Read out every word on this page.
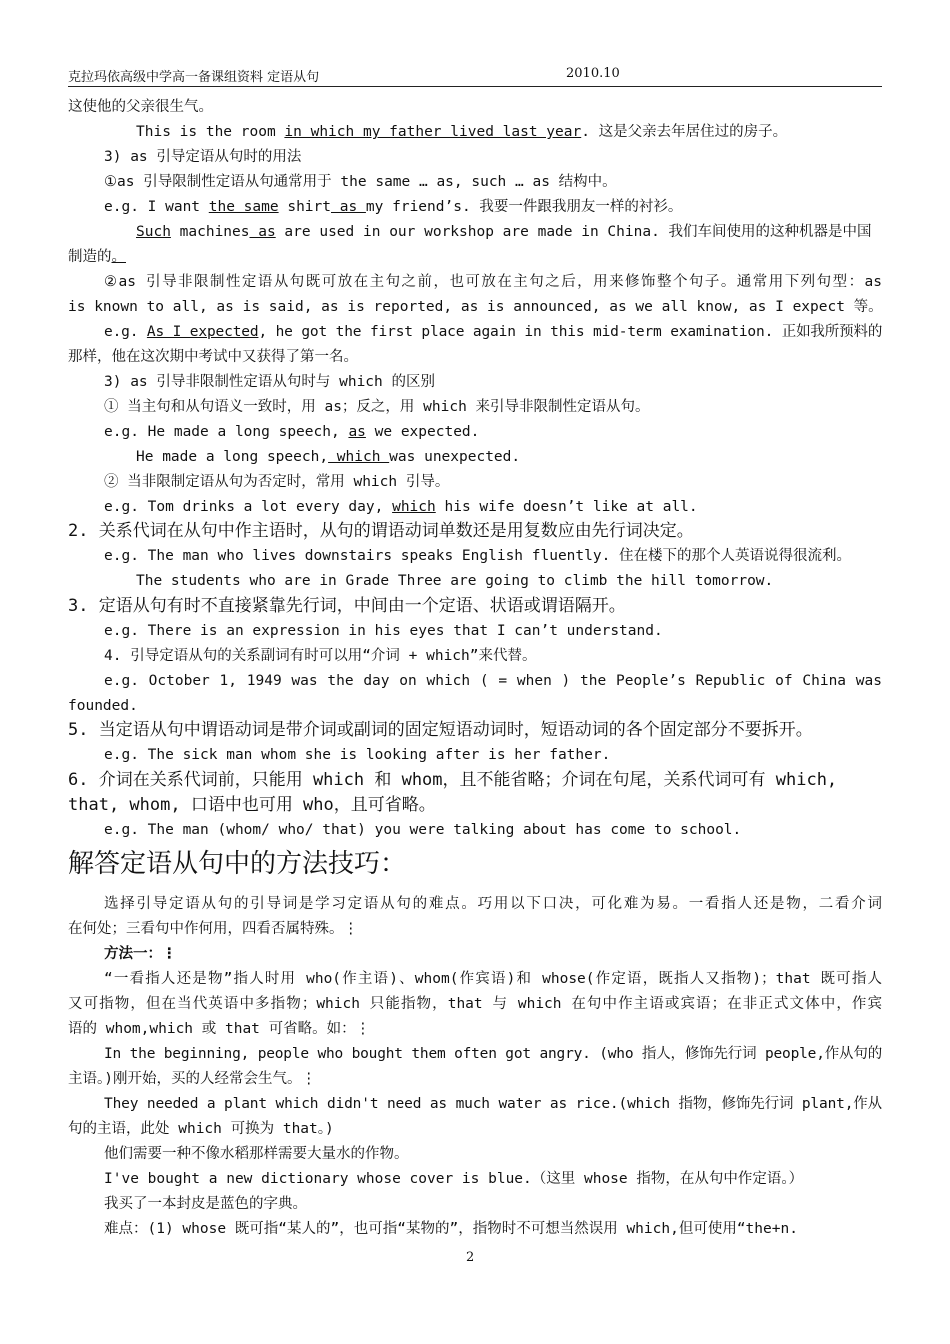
克拉玛依高级中学高一备课组资料 定语从句	2010.10
这使他的父亲很生气。
This is the room in which my father lived last year. 这是父亲去年居住过的房子。
3) as 引导定语从句时的用法
①as 引导限制性定语从句通常用于 the same … as, such … as 结构中。
e.g. I want the same shirt as my friend’s. 我要一件跟我朋友一样的衬衫。
Such machines as are used in our workshop are made in China. 我们车间使用的这种机器是中国
制造的。
②as 引导非限制性定语从句既可放在主句之前，也可放在主句之后，用来修饰整个句子。通常用下列句型：as
is known to all, as is said, as is reported, as is announced, as we all know, as I expect 等。
e.g. As I expected, he got the first place again in this mid-term examination. 正如我所预料的
那样，他在这次期中考试中又获得了第一名。
3) as 引导非限制性定语从句时与 which 的区别
① 当主句和从句语义一致时，用 as；反之，用 which 来引导非限制性定语从句。
e.g. He made a long speech, as we expected.
He made a long speech, which was unexpected.
② 当非限制定语从句为否定时，常用 which 引导。
e.g. Tom drinks a lot every day, which his wife doesn’t like at all.
2. 关系代词在从句中作主语时，从句的谓语动词单数还是用复数应由先行词决定。
e.g. The man who lives downstairs speaks English fluently. 住在楼下的那个人英语说得很流利。
The students who are in Grade Three are going to climb the hill tomorrow.
3. 定语从句有时不直接紧靠先行词，中间由一个定语、状语或谓语隔开。
e.g. There is an expression in his eyes that I can’t understand.
4. 引导定语从句的关系副词有时可以用“介词 + which”来代替。
e.g. October 1, 1949 was the day on which ( = when ) the People’s Republic of China was
founded.
5. 当定语从句中谓语动词是带介词或副词的固定短语动词时，短语动词的各个固定部分不要拆开。
e.g. The sick man whom she is looking after is her father.
6. 介词在关系代词前，只能用 which 和 whom，且不能省略；介词在句尾，关系代词可有 which,
that, whom, 口语中也可用 who，且可省略。
e.g. The man (whom/ who/ that) you were talking about has come to school.
解答定语从句中的方法技巧：
选择引导定语从句的引导词是学习定语从句的难点。巧用以下口决，可化难为易。一看指人还是物，二看介词
在何处；三看句中作何用，四看否属特殊。⋮
方法一：⋮
“一看指人还是物”指人时用 who(作主语)、whom(作宾语)和 whose(作定语，既指人又指物)；that 既可指人
又可指物，但在当代英语中多指物；which 只能指物，that 与 which 在句中作主语或宾语；在非正式文体中，作宾
语的 whom,which 或 that 可省略。如：⋮
In the beginning, people who bought them often got angry. (who 指人，修饰先行词 people,作从句的
主语。)刚开始，买的人经常会生气。⋮
They needed a plant which didn't need as much water as rice.(which 指物，修饰先行词 plant,作从
句的主语，此处 which 可换为 that。)
他们需要一种不像水稻那样需要大量水的作物。
I've bought a new dictionary whose cover is blue.（这里 whose 指物，在从句中作定语。）
我买了一本封皮是蓝色的字典。
难点：(1) whose 既可指“某人的”，也可指“某物的”，指物时不可想当然误用 which,但可使用“the+n.
2
